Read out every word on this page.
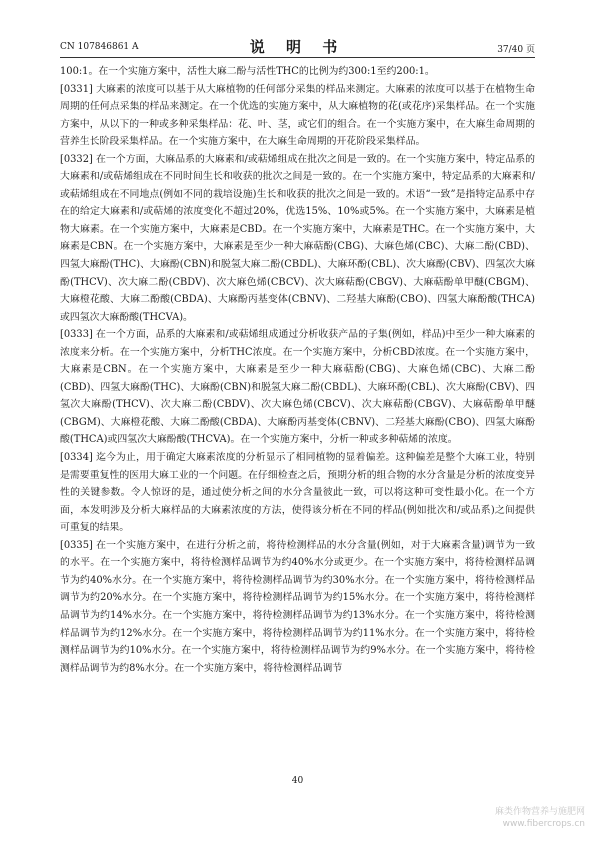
CN 107846861 A	说 明 书	37/40 页

100:1。在一个实施方案中，活性大麻二酚与活性THC的比例为约300:1至约200:1。

[0331] 大麻素的浓度可以基于从大麻植物的任何部分采集的样品来测定。大麻素的浓度可以基于在植物生命周期的任何点采集的样品来测定。在一个优选的实施方案中，从大麻植物的花(或花序)采集样品。在一个实施方案中，从以下的一种或多种采集样品：花、叶、茎，或它们的组合。在一个实施方案中，在大麻生命周期的营养生长阶段采集样品。在一个实施方案中，在大麻生命周期的开花阶段采集样品。

[0332] 在一个方面，大麻品系的大麻素和/或萜烯组成在批次之间是一致的。在一个实施方案中，特定品系的大麻素和/或萜烯组成在不同时间生长和收获的批次之间是一致的。在一个实施方案中，特定品系的大麻素和/或萜烯组成在不同地点(例如不同的栽培设施)生长和收获的批次之间是一致的。术语“一致”是指特定品系中存在的给定大麻素和/或萜烯的浓度变化不超过20%，优选15%、10%或5%。在一个实施方案中，大麻素是植物大麻素。在一个实施方案中，大麻素是CBD。在一个实施方案中，大麻素是THC。在一个实施方案中，大麻素是CBN。在一个实施方案中，大麻素是至少一种大麻萜酚(CBG)、大麻色烯(CBC)、大麻二酚(CBD)、四氢大麻酚(THC)、大麻酚(CBN)和脱氢大麻二酚(CBDL)、大麻环酚(CBL)、次大麻酚(CBV)、四氢次大麻酚(THCV)、次大麻二酚(CBDV)、次大麻色烯(CBCV)、次大麻萜酚(CBGV)、大麻萜酚单甲醚(CBGM)、大麻橙花酸、大麻二酚酸(CBDA)、大麻酚丙基变体(CBNV)、二羟基大麻酚(CBO)、四氢大麻酚酸(THCA)或四氢次大麻酚酸(THCVA)。

[0333] 在一个方面，品系的大麻素和/或萜烯组成通过分析收获产品的子集(例如，样品)中至少一种大麻素的浓度来分析。在一个实施方案中，分析THC浓度。在一个实施方案中，分析CBD浓度。在一个实施方案中，大麻素是CBN。在一个实施方案中，大麻素是至少一种大麻萜酚(CBG)、大麻色烯(CBC)、大麻二酚(CBD)、四氢大麻酚(THC)、大麻酚(CBN)和脱氢大麻二酚(CBDL)、大麻环酚(CBL)、次大麻酚(CBV)、四氢次大麻酚(THCV)、次大麻二酚(CBDV)、次大麻色烯(CBCV)、次大麻萜酚(CBGV)、大麻萜酚单甲醚(CBGM)、大麻橙花酸、大麻二酚酸(CBDA)、大麻酚丙基变体(CBNV)、二羟基大麻酚(CBO)、四氢大麻酚酸(THCA)或四氢次大麻酚酸(THCVA)。在一个实施方案中，分析一种或多种萜烯的浓度。

[0334] 迄今为止，用于确定大麻素浓度的分析显示了相同植物的显着偏差。这种偏差是整个大麻工业，特别是需要重复性的医用大麻工业的一个问题。在仔细检查之后，预期分析的组合物的水分含量是分析的浓度变异性的关键参数。令人惊讶的是，通过使分析之间的水分含量彼此一致，可以将这种可变性最小化。在一个方面，本发明涉及分析大麻样品的大麻素浓度的方法，使得该分析在不同的样品(例如批次和/或品系)之间提供可重复的结果。

[0335] 在一个实施方案中，在进行分析之前，将待检测样品的水分含量(例如，对于大麻素含量)调节为一致的水平。在一个实施方案中，将待检测样品调节为约40%水分或更少。在一个实施方案中，将待检测样品调节为约40%水分。在一个实施方案中，将待检测样品调节为约30%水分。在一个实施方案中，将待检测样品调节为约20%水分。在一个实施方案中，将待检测样品调节为约15%水分。在一个实施方案中，将待检测样品调节为约14%水分。在一个实施方案中，将待检测样品调节为约13%水分。在一个实施方案中，将待检测样品调节为约12%水分。在一个实施方案中，将待检测样品调节为约11%水分。在一个实施方案中，将待检测样品调节为约10%水分。在一个实施方案中，将待检测样品调节为约9%水分。在一个实施方案中，将待检测样品调节为约8%水分。在一个实施方案中，将待检测样品调节

40
麻类作物营养与施肥网
www.fibercrops.cn
